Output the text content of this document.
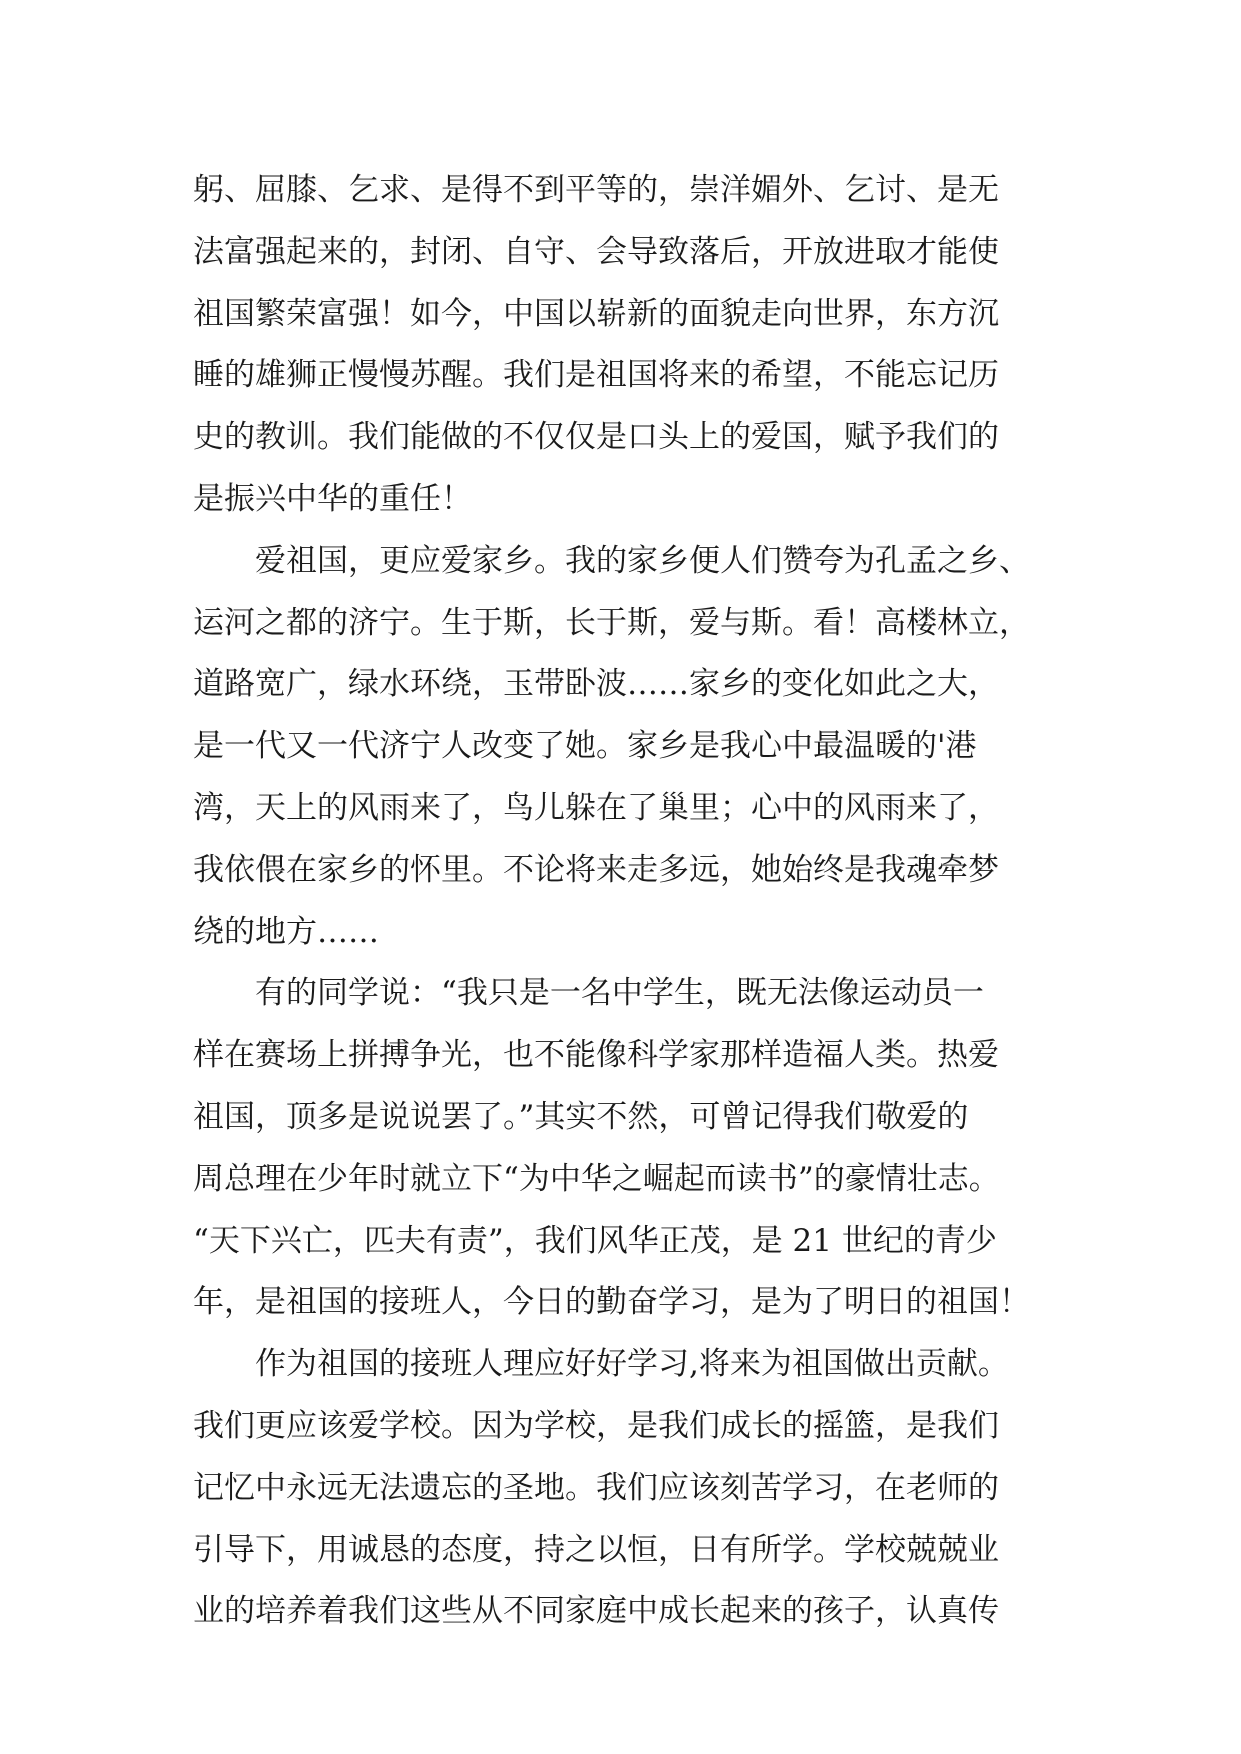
躬、屈膝、乞求、是得不到平等的，崇洋媚外、乞讨、是无
法富强起来的，封闭、自守、会导致落后，开放进取才能使
祖国繁荣富强！如今，中国以崭新的面貌走向世界，东方沉
睡的雄狮正慢慢苏醒。我们是祖国将来的希望，不能忘记历
史的教训。我们能做的不仅仅是口头上的爱国，赋予我们的
是振兴中华的重任！
　　爱祖国，更应爱家乡。我的家乡便人们赞夸为孔孟之乡、
运河之都的济宁。生于斯，长于斯，爱与斯。看！高楼林立，
道路宽广，绿水环绕，玉带卧波……家乡的变化如此之大，
是一代又一代济宁人改变了她。家乡是我心中最温暖的'港
湾，天上的风雨来了，鸟儿躲在了巢里；心中的风雨来了，
我依偎在家乡的怀里。不论将来走多远，她始终是我魂牵梦
绕的地方……
　　有的同学说：“我只是一名中学生，既无法像运动员一
样在赛场上拼搏争光，也不能像科学家那样造福人类。热爱
祖国，顶多是说说罢了。”其实不然，可曾记得我们敬爱的
周总理在少年时就立下“为中华之崛起而读书”的豪情壮志。
“天下兴亡，匹夫有责”，我们风华正茂，是 21 世纪的青少
年，是祖国的接班人，今日的勤奋学习，是为了明日的祖国！
　　作为祖国的接班人理应好好学习,将来为祖国做出贡献。
我们更应该爱学校。因为学校，是我们成长的摇篮，是我们
记忆中永远无法遗忘的圣地。我们应该刻苦学习，在老师的
引导下，用诚恳的态度，持之以恒，日有所学。学校兢兢业
业的培养着我们这些从不同家庭中成长起来的孩子，认真传
